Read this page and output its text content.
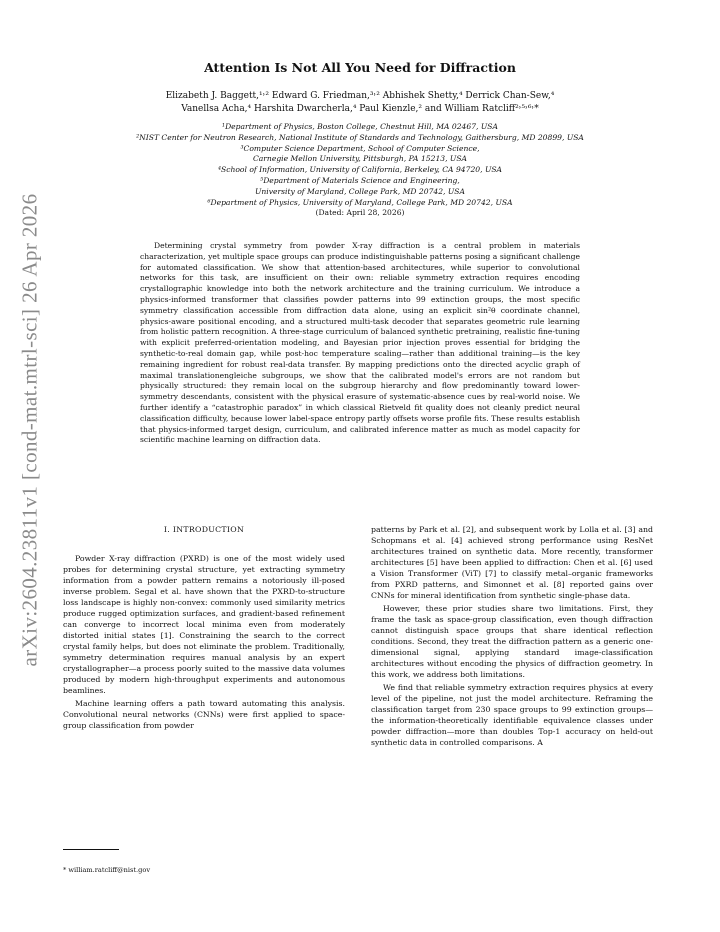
arXiv:2604.23811v1 [cond-mat.mtrl-sci] 26 Apr 2026
Attention Is Not All You Need for Diffraction
Elizabeth J. Baggett,¹˒² Edward G. Friedman,³˒² Abhishek Shetty,⁴ Derrick Chan-Sew,⁴
Vanellsa Acha,⁴ Harshita Dwarcherla,⁴ Paul Kienzle,² and William Ratcliff²˒⁵˒⁶˒*
¹Department of Physics, Boston College, Chestnut Hill, MA 02467, USA
²NIST Center for Neutron Research, National Institute of Standards and Technology, Gaithersburg, MD 20899, USA
³Computer Science Department, School of Computer Science,
Carnegie Mellon University, Pittsburgh, PA 15213, USA
⁴School of Information, University of California, Berkeley, CA 94720, USA
⁵Department of Materials Science and Engineering,
University of Maryland, College Park, MD 20742, USA
⁶Department of Physics, University of Maryland, College Park, MD 20742, USA
(Dated: April 28, 2026)
Determining crystal symmetry from powder X-ray diffraction is a central problem in materials characterization, yet multiple space groups can produce indistinguishable patterns posing a significant challenge for automated classification. We show that attention-based architectures, while superior to convolutional networks for this task, are insufficient on their own: reliable symmetry extraction requires encoding crystallographic knowledge into both the network architecture and the training curriculum. We introduce a physics-informed transformer that classifies powder patterns into 99 extinction groups, the most specific symmetry classification accessible from diffraction data alone, using an explicit sin²θ coordinate channel, physics-aware positional encoding, and a structured multi-task decoder that separates geometric rule learning from holistic pattern recognition. A three-stage curriculum of balanced synthetic pretraining, realistic fine-tuning with explicit preferred-orientation modeling, and Bayesian prior injection proves essential for bridging the synthetic-to-real domain gap, while post-hoc temperature scaling—rather than additional training—is the key remaining ingredient for robust real-data transfer. By mapping predictions onto the directed acyclic graph of maximal translationengleiche subgroups, we show that the calibrated model's errors are not random but physically structured: they remain local on the subgroup hierarchy and flow predominantly toward lower-symmetry descendants, consistent with the physical erasure of systematic-absence cues by real-world noise. We further identify a “catastrophic paradox” in which classical Rietveld fit quality does not cleanly predict neural classification difficulty, because lower label-space entropy partly offsets worse profile fits. These results establish that physics-informed target design, curriculum, and calibrated inference matter as much as model capacity for scientific machine learning on diffraction data.
I. INTRODUCTION

Powder X-ray diffraction (PXRD) is one of the most widely used probes for determining crystal structure, yet extracting symmetry information from a powder pattern remains a notoriously ill-posed inverse problem. Segal et al. have shown that the PXRD-to-structure loss landscape is highly non-convex: commonly used similarity metrics produce rugged optimization surfaces, and gradient-based refinement can converge to incorrect local minima even from moderately distorted initial states [1]. Constraining the search to the correct crystal family helps, but does not eliminate the problem. Traditionally, symmetry determination requires manual analysis by an expert crystallographer—a process poorly suited to the massive data volumes produced by modern high-throughput experiments and autonomous beamlines.

Machine learning offers a path toward automating this analysis. Convolutional neural networks (CNNs) were first applied to space-group classification from powder

patterns by Park et al. [2], and subsequent work by Lolla et al. [3] and Schopmans et al. [4] achieved strong performance using ResNet architectures trained on synthetic data. More recently, transformer architectures [5] have been applied to diffraction: Chen et al. [6] used a Vision Transformer (ViT) [7] to classify metal–organic frameworks from PXRD patterns, and Simonnet et al. [8] reported gains over CNNs for mineral identification from synthetic single-phase data.

However, these prior studies share two limitations. First, they frame the task as space-group classification, even though diffraction cannot distinguish space groups that share identical reflection conditions. Second, they treat the diffraction pattern as a generic one-dimensional signal, applying standard image-classification architectures without encoding the physics of diffraction geometry. In this work, we address both limitations.

We find that reliable symmetry extraction requires physics at every level of the pipeline, not just the model architecture. Reframing the classification target from 230 space groups to 99 extinction groups—the information-theoretically identifiable equivalence classes under powder diffraction—more than doubles Top-1 accuracy on held-out synthetic data in controlled comparisons. A

* william.ratcliff@nist.gov
